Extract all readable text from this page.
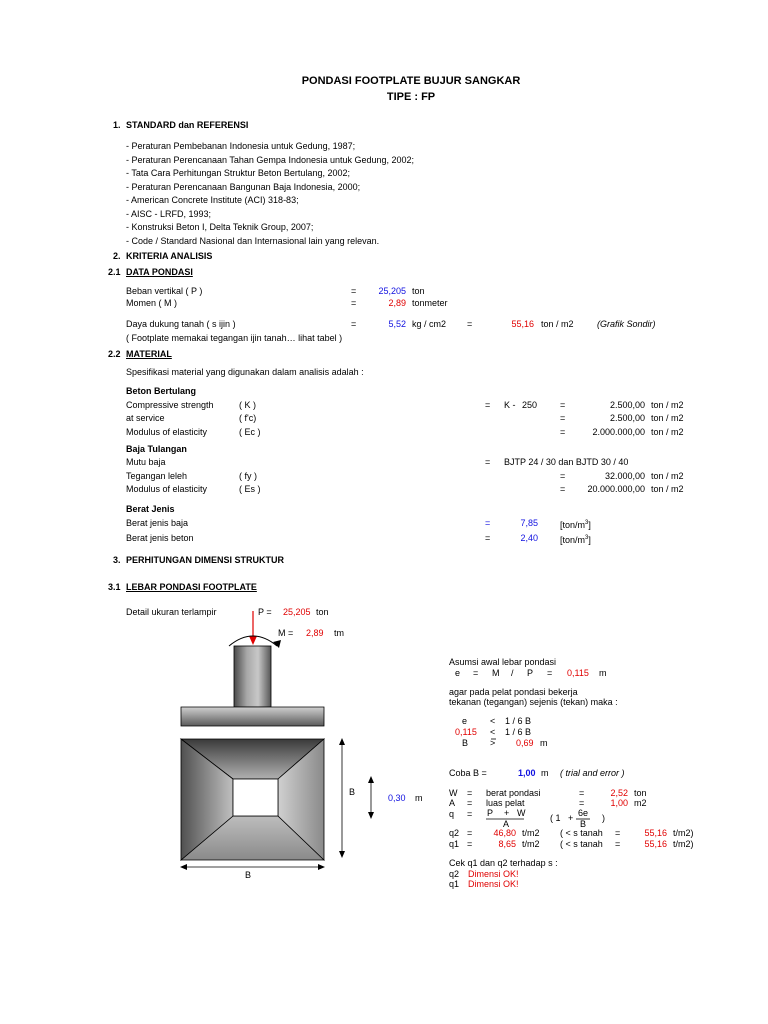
PONDASI FOOTPLATE BUJUR SANGKAR
TIPE : FP
1. STANDARD dan REFERENSI
- Peraturan Pembebanan Indonesia untuk Gedung, 1987;
- Peraturan Perencanaan Tahan Gempa Indonesia untuk Gedung, 2002;
- Tata Cara Perhitungan Struktur Beton Bertulang, 2002;
- Peraturan Perencanaan Bangunan Baja Indonesia, 2000;
- American Concrete Institute (ACI) 318-83;
- AISC - LRFD, 1993;
- Konstruksi Beton I, Delta Teknik Group, 2007;
- Code / Standard Nasional dan Internasional lain yang relevan.
2. KRITERIA ANALISIS
2.1 DATA PONDASI
Beban vertikal ( P )	=	25,205 ton
Momen ( M )	=	2,89 tonmeter
Daya dukung tanah ( s ijin )	=	5,52 kg / cm2 =	55,16 ton / m2	(Grafik Sondir)
( Footplate memakai tegangan ijin tanah… lihat tabel )
2.2 MATERIAL
Spesifikasi material yang digunakan dalam analisis adalah :
Beton Bertulang
Compressive strength	( K )	= K - 250	=	2.500,00 ton / m2
at service	( f'c)	=	2.500,00 ton / m2
Modulus of elasticity	( Ec )	=	2.000.000,00 ton / m2
Baja Tulangan
Mutu baja	= BJTP 24 / 30 dan BJTD 30 / 40
Tegangan leleh	( fy )	=	32.000,00 ton / m2
Modulus of elasticity	( Es )	=	20.000.000,00 ton / m2
Berat Jenis
Berat jenis baja	=	7,85 $[ton/m^3]$
Berat jenis beton	=	2,40 $[ton/m^3]$
3. PERHITUNGAN DIMENSI STRUKTUR
3.1 LEBAR PONDASI FOOTPLATE
Detail ukuran terlampir	P = 25,205 ton
M = 2,89 tm
B
0,30 m
B
Asumsi awal lebar pondasi
e = M / P = 0,115 m
agar pada pelat pondasi bekerja
tekanan (tegangan) sejenis (tekan) maka :
e	< 1 / 6 B
0,115 < 1 / 6 B
B > 0,69 m
Coba B =	1,00 m ( trial and error )
W = berat pondasi	=	2,52 ton
A = luas pelat	=	1,00 m2
q = P + W
A
( 1 + 6e
B
)
q2 =	46,80 t/m2 ( < s tanah =	55,16 t/m2)
q1 =	8,65 t/m2 ( < s tanah =	55,16 t/m2)
Cek q1 dan q2 terhadap s :
q2 Dimensi OK!
q1 Dimensi OK!
